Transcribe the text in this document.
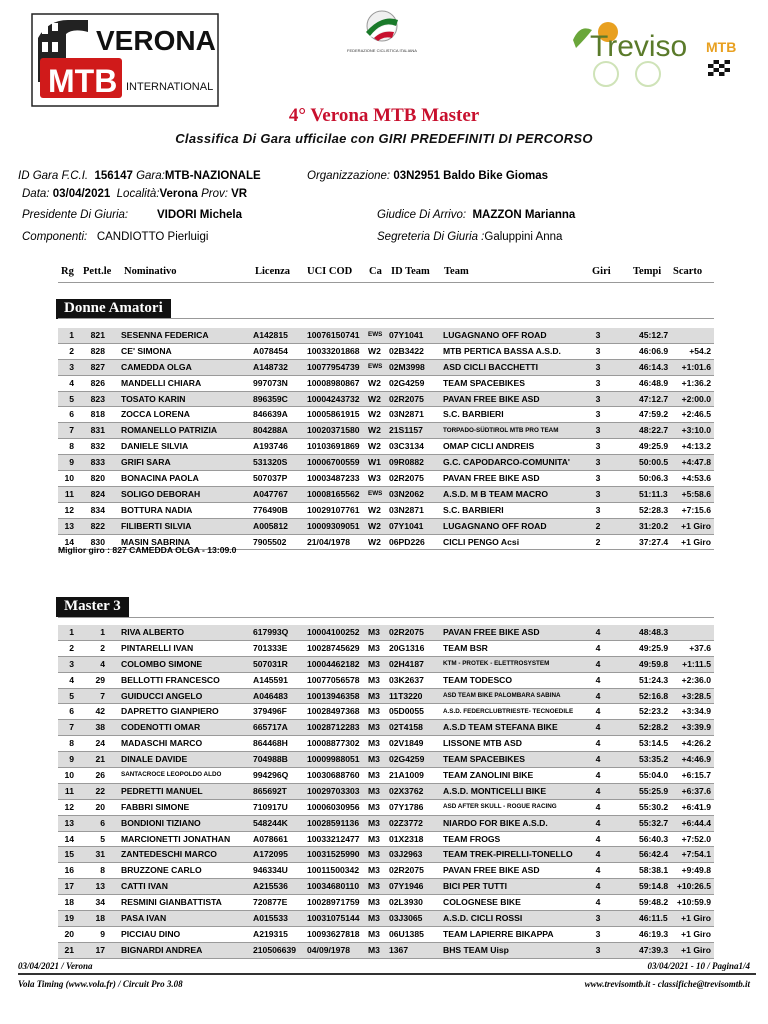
VERONA
MTB INTERNATIONAL
FEDERAZIONE CICLISTICA ITALIANA	Treviso MTB
4° Verona MTB Master
Classifica Di Gara ufficilae con GIRI PREDEFINITI DI PERCORSO
ID Gara F.C.I. 156147 Gara:MTB-NAZIONALE	Organizzazione: 03N2951 Baldo Bike Giomas
Data: 03/04/2021 Località:Verona Prov: VR
Presidente Di Giuria:	VIDORI Michela	Giudice Di Arrivo: MAZZON Marianna
Componenti: CANDIOTTO Pierluigi	Segreteria Di Giuria :Galuppini Anna
Rg Pett.le Nominativo	Licenza UCI COD Ca ID Team Team	Giri Tempi Scarto
Donne Amatori
1	821 SESENNA FEDERICA	A142815 10076150741 EWS 07Y1041 LUGAGNANO OFF ROAD	3	45:12.7
2	828 CE' SIMONA	A078454 10033201868 W2 02B3422 MTB PERTICA BASSA A.S.D.	3	46:06.9	+54.2
3	827 CAMEDDA OLGA	A148732 10077954739 EWS 02M3998 ASD CICLI BACCHETTI	3	46:14.3	+1:01.6
4	826 MANDELLI CHIARA	997073N 10008980867 W2 02G4259 TEAM SPACEBIKES	3	46:48.9	+1:36.2
5	823 TOSATO KARIN	896359C 10004243732 W2 02R2075 PAVAN FREE BIKE ASD	3	47:12.7	+2:00.0
6	818 ZOCCA LORENA	846639A 10005861915 W2 03N2871 S.C. BARBIERI	3	47:59.2	+2:46.5
7	831 ROMANELLO PATRIZIA	804288A 10020371580 W2 21S1157	TORPADO-SÜDTIROL MTB PRO TEAM	3	48:22.7	+3:10.0
8	832 DANIELE SILVIA	A193746 10103691869 W2 03C3134 OMAP CICLI ANDREIS	3	49:25.9	+4:13.2
9	833 GRIFI SARA	531320S 10006700559 W1 09R0882 G.C. CAPODARCO-COMUNITA'	3	50:00.5	+4:47.8
10	820 BONACINA PAOLA	507037P 10003487233 W3 02R2075 PAVAN FREE BIKE ASD	3	50:06.3	+4:53.6
11	824 SOLIGO DEBORAH	A047767 10008165562 EWS 03N2062 A.S.D. M B TEAM MACRO	3	51:11.3	+5:58.6
12	834 BOTTURA NADIA	776490B 10029107761 W2 03N2871 S.C. BARBIERI	3	52:28.3	+7:15.6
13	822 FILIBERTI SILVIA	A005812 10009309051 W2 07Y1041 LUGAGNANO OFF ROAD	2	31:20.2	+1 Giro
14	830 MASIN SABRINA	7905502 21/04/1978 W2 06PD226 CICLI PENGO Acsi	2	37:27.4	+1 Giro
Miglior giro : 827 CAMEDDA OLGA - 13:09.0
Master 3
1	1 RIVA ALBERTO	617993Q 10004100252 M3 02R2075 PAVAN FREE BIKE ASD	4	48:48.3
2	2 PINTARELLI IVAN	701333E 10028745629 M3 20G1316 TEAM BSR	4	49:25.9	+37.6
3	4 COLOMBO SIMONE	507031R 10004462182 M3 02H4187	KTM - PROTEK - ELETTROSYSTEM	4	49:59.8	+1:11.5
4	29 BELLOTTI FRANCESCO	A145591 10077056578 M3 03K2637 TEAM TODESCO	4	51:24.3	+2:36.0
5	7 GUIDUCCI ANGELO	A046483 10013946358 M3 11T3220	ASD TEAM BIKE PALOMBARA SABINA	4	52:16.8	+3:28.5
6	42 DAPRETTO GIANPIERO	379496F 10028497368 M3 05D0055	A.S.D. FEDERCLUBTRIESTE- TECNOEDILE	4	52:23.2	+3:34.9
7	38 CODENOTTI OMAR	665717A 10028712283 M3 02T4158 A.S.D TEAM STEFANA BIKE	4	52:28.2	+3:39.9
8	24 MADASCHI MARCO	864468H 10008877302 M3 02V1849 LISSONE MTB ASD	4	53:14.5	+4:26.2
9	21 DINALE DAVIDE	704988B 10009988051 M3 02G4259 TEAM SPACEBIKES	4	53:35.2	+4:46.9
10	26	SANTACROCE LEOPOLDO ALDO	994296Q 10030688760 M3 21A1009 TEAM ZANOLINI BIKE	4	55:04.0	+6:15.7
11	22 PEDRETTI MANUEL	865692T 10029703303 M3 02X3762 A.S.D. MONTICELLI BIKE	4	55:25.9	+6:37.6
12	20 FABBRI SIMONE	710917U 10006030956 M3 07Y1786	ASD AFTER SKULL - ROGUE RACING	4	55:30.2	+6:41.9
13	6 BONDIONI TIZIANO	548244K 10028591136 M3 02Z3772 NIARDO FOR BIKE A.S.D.	4	55:32.7	+6:44.4
14	5 MARCIONETTI JONATHAN	A078661 10033212477 M3 01X2318 TEAM FROGS	4	56:40.3	+7:52.0
15	31 ZANTEDESCHI MARCO	A172095 10031525990 M3 03J2963 TEAM TREK-PIRELLI-TONELLO	4	56:42.4	+7:54.1
16	8 BRUZZONE CARLO	946334U 10011500342 M3 02R2075 PAVAN FREE BIKE ASD	4	58:38.1	+9:49.8
17	13 CATTI IVAN	A215536 10034680110 M3 07Y1946 BICI PER TUTTI	4	59:14.8	+10:26.5
18	34 RESMINI GIANBATTISTA	720877E 10028971759 M3 02L3930 COLOGNESE BIKE	4	59:48.2	+10:59.9
19	18 PASA IVAN	A015533 10031075144 M3 03J3065 A.S.D. CICLI ROSSI	3	46:11.5	+1 Giro
20	9 PICCIAU DINO	A219315 10093627818 M3 06U1385 TEAM LAPIERRE BIKAPPA	3	46:19.3	+1 Giro
21	17 BIGNARDI ANDREA	210506639 04/09/1978 M3 1367	BHS TEAM Uisp	3	47:39.3	+1 Giro
03/04/2021 / Verona	03/04/2021 - 10 / Pagina1/4
Vola Timing (www.vola.fr) / Circuit Pro 3.08	www.trevisomtb.it - classifiche@trevisomtb.it
